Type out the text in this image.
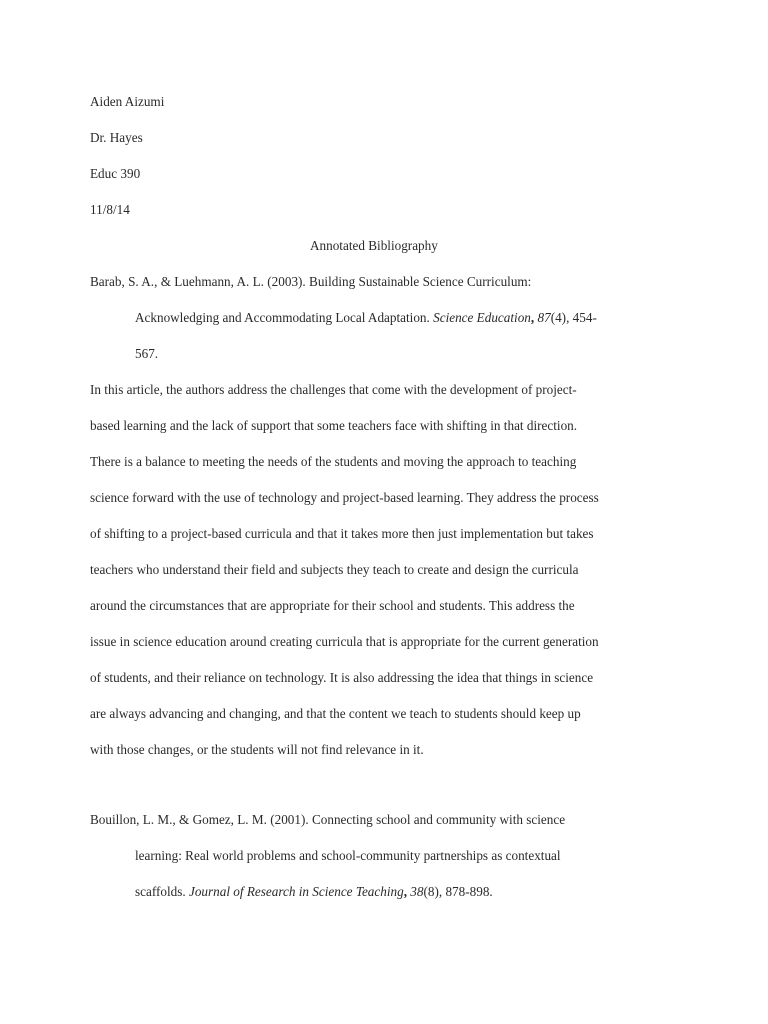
Aiden Aizumi
Dr. Hayes
Educ 390
11/8/14
Annotated Bibliography
Barab, S. A., & Luehmann, A. L. (2003). Building Sustainable Science Curriculum:
Acknowledging and Accommodating Local Adaptation. Science Education, 87(4), 454-
567.
In this article, the authors address the challenges that come with the development of project-
based learning and the lack of support that some teachers face with shifting in that direction.
There is a balance to meeting the needs of the students and moving the approach to teaching
science forward with the use of technology and project-based learning. They address the process
of shifting to a project-based curricula and that it takes more then just implementation but takes
teachers who understand their field and subjects they teach to create and design the curricula
around the circumstances that are appropriate for their school and students. This address the
issue in science education around creating curricula that is appropriate for the current generation
of students, and their reliance on technology. It is also addressing the idea that things in science
are always advancing and changing, and that the content we teach to students should keep up
with those changes, or the students will not find relevance in it.
Bouillon, L. M., & Gomez, L. M. (2001). Connecting school and community with science
learning: Real world problems and school-community partnerships as contextual
scaffolds. Journal of Research in Science Teaching, 38(8), 878-898.
